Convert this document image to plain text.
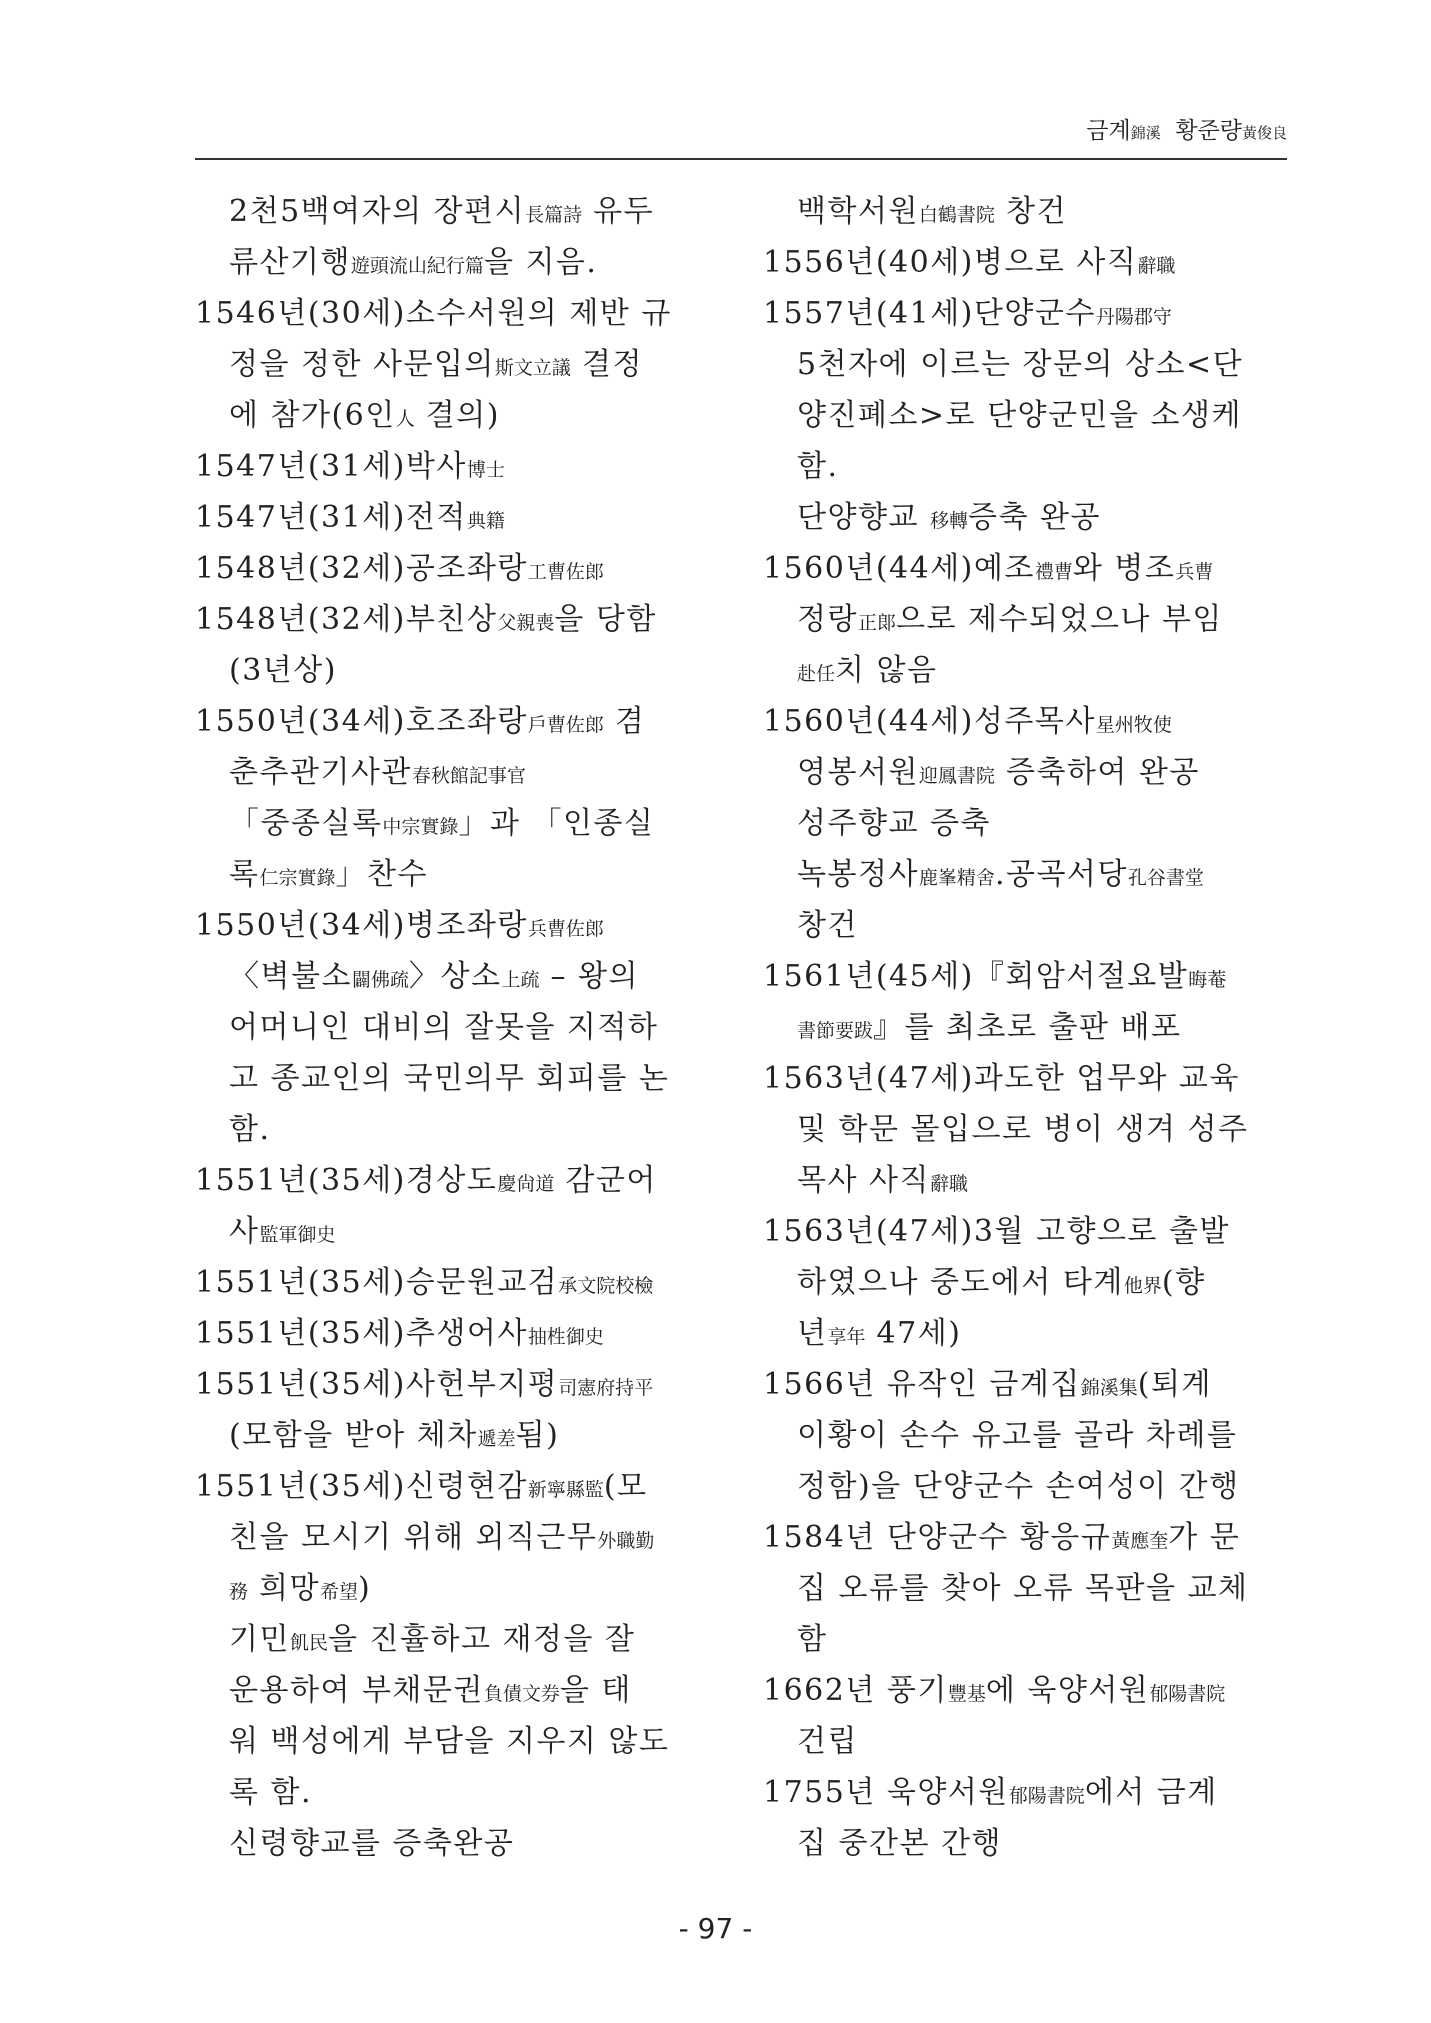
금계錦溪 황준량黃俊良
2천5백여자의 장편시長篇詩 유두
류산기행遊頭流山紀行篇을 지음.
1546년(30세)소수서원의 제반 규
정을 정한 사문입의斯文立議 결정
에 참가(6인人 결의)
1547년(31세)박사博士
1547년(31세)전적典籍
1548년(32세)공조좌랑工曹佐郎
1548년(32세)부친상父親喪을 당함
(3년상)
1550년(34세)호조좌랑戶曹佐郎 겸
춘추관기사관春秋館記事官
「중종실록中宗實錄」과 「인종실
록仁宗實錄」찬수
1550년(34세)병조좌랑兵曹佐郎
〈벽불소闢佛疏〉상소上疏 – 왕의
어머니인 대비의 잘못을 지적하
고 종교인의 국민의무 회피를 논
함.
1551년(35세)경상도慶尙道 감군어
사監軍御史
1551년(35세)승문원교검承文院校檢
1551년(35세)추생어사抽栍御史
1551년(35세)사헌부지평司憲府持平
(모함을 받아 체차遞差됨)
1551년(35세)신령현감新寧縣監(모
친을 모시기 위해 외직근무外職勤
務 희망希望)
기민飢民을 진휼하고 재정을 잘
운용하여 부채문권負債文券을 태
워 백성에게 부담을 지우지 않도
록 함.
신령향교를 증축완공
백학서원白鶴書院 창건
1556년(40세)병으로 사직辭職
1557년(41세)단양군수丹陽郡守
5천자에 이르는 장문의 상소<단
양진폐소>로 단양군민을 소생케
함.
단양향교 移轉증축 완공
1560년(44세)예조禮曹와 병조兵曹
정랑正郞으로 제수되었으나 부임
赴任치 않음
1560년(44세)성주목사星州牧使
영봉서원迎鳳書院 증축하여 완공
성주향교 증축
녹봉정사鹿峯精舍.공곡서당孔谷書堂
창건
1561년(45세)『회암서절요발晦菴
書節要跋』를 최초로 출판 배포
1563년(47세)과도한 업무와 교육
및 학문 몰입으로 병이 생겨 성주
목사 사직辭職
1563년(47세)3월 고향으로 출발
하였으나 중도에서 타계他界(향
년享年 47세)
1566년 유작인 금계집錦溪集(퇴계
이황이 손수 유고를 골라 차례를
정함)을 단양군수 손여성이 간행
1584년 단양군수 황응규黃應奎가 문
집 오류를 찾아 오류 목판을 교체
함
1662년 풍기豐基에 욱양서원郁陽書院
건립
1755년 욱양서원郁陽書院에서 금계
집 중간본 간행
- 97 -
